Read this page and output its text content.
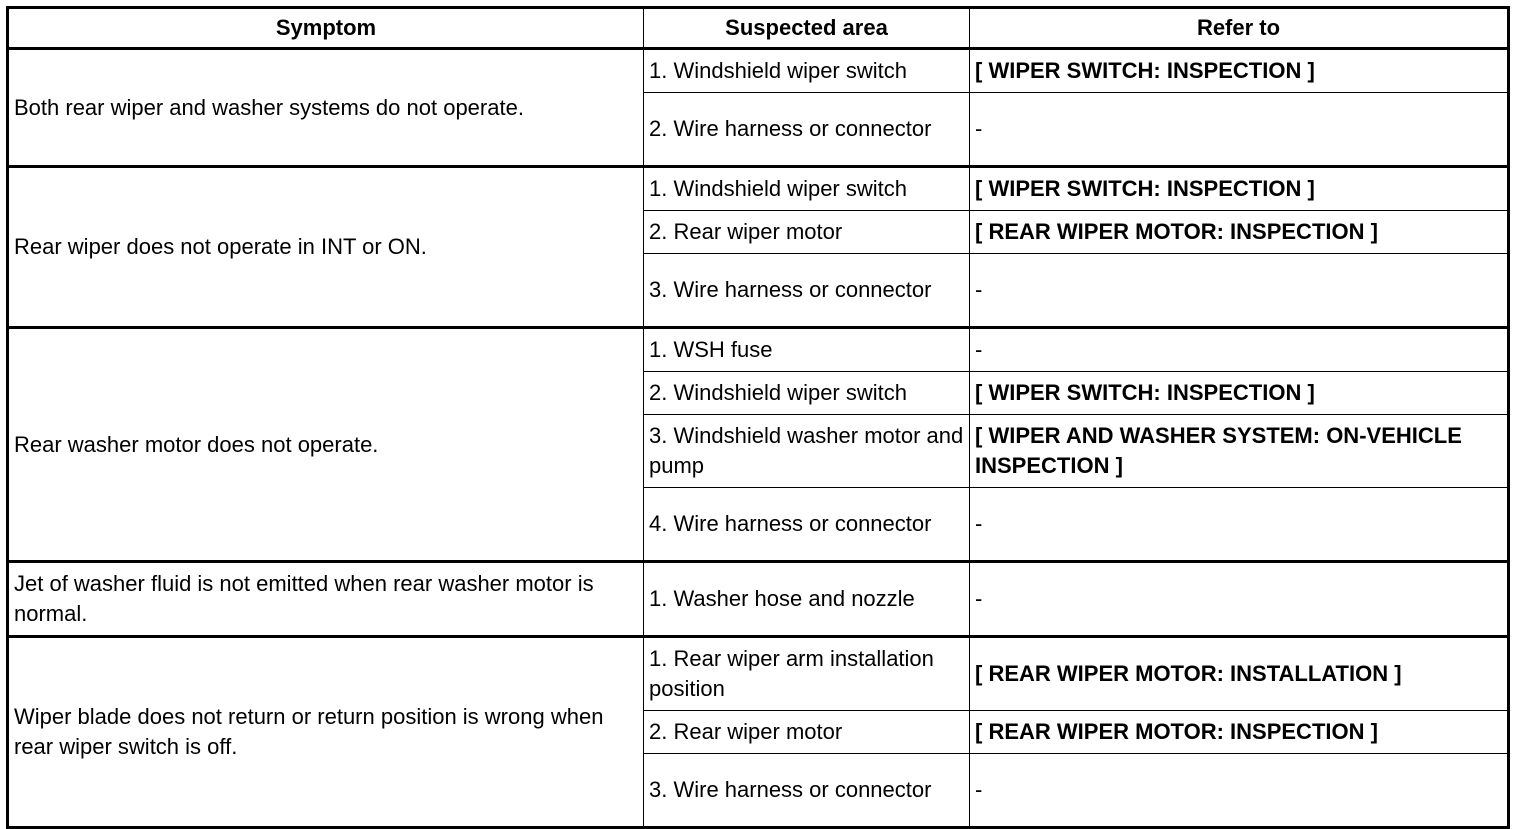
Symptom	Suspected area	Refer to
Both rear wiper and washer systems do not operate.	1. Windshield wiper switch	[ WIPER SWITCH: INSPECTION ]
	2. Wire harness or connector	-
Rear wiper does not operate in INT or ON.	1. Windshield wiper switch	[ WIPER SWITCH: INSPECTION ]
	2. Rear wiper motor	[ REAR WIPER MOTOR: INSPECTION ]
	3. Wire harness or connector	-
Rear washer motor does not operate.	1. WSH fuse	-
	2. Windshield wiper switch	[ WIPER SWITCH: INSPECTION ]
	3. Windshield washer motor and pump	[ WIPER AND WASHER SYSTEM: ON-VEHICLE INSPECTION ]
	4. Wire harness or connector	-
Jet of washer fluid is not emitted when rear washer motor is normal.	1. Washer hose and nozzle	-
Wiper blade does not return or return position is wrong when rear wiper switch is off.	1. Rear wiper arm installation position	[ REAR WIPER MOTOR: INSTALLATION ]
	2. Rear wiper motor	[ REAR WIPER MOTOR: INSPECTION ]
	3. Wire harness or connector	-
